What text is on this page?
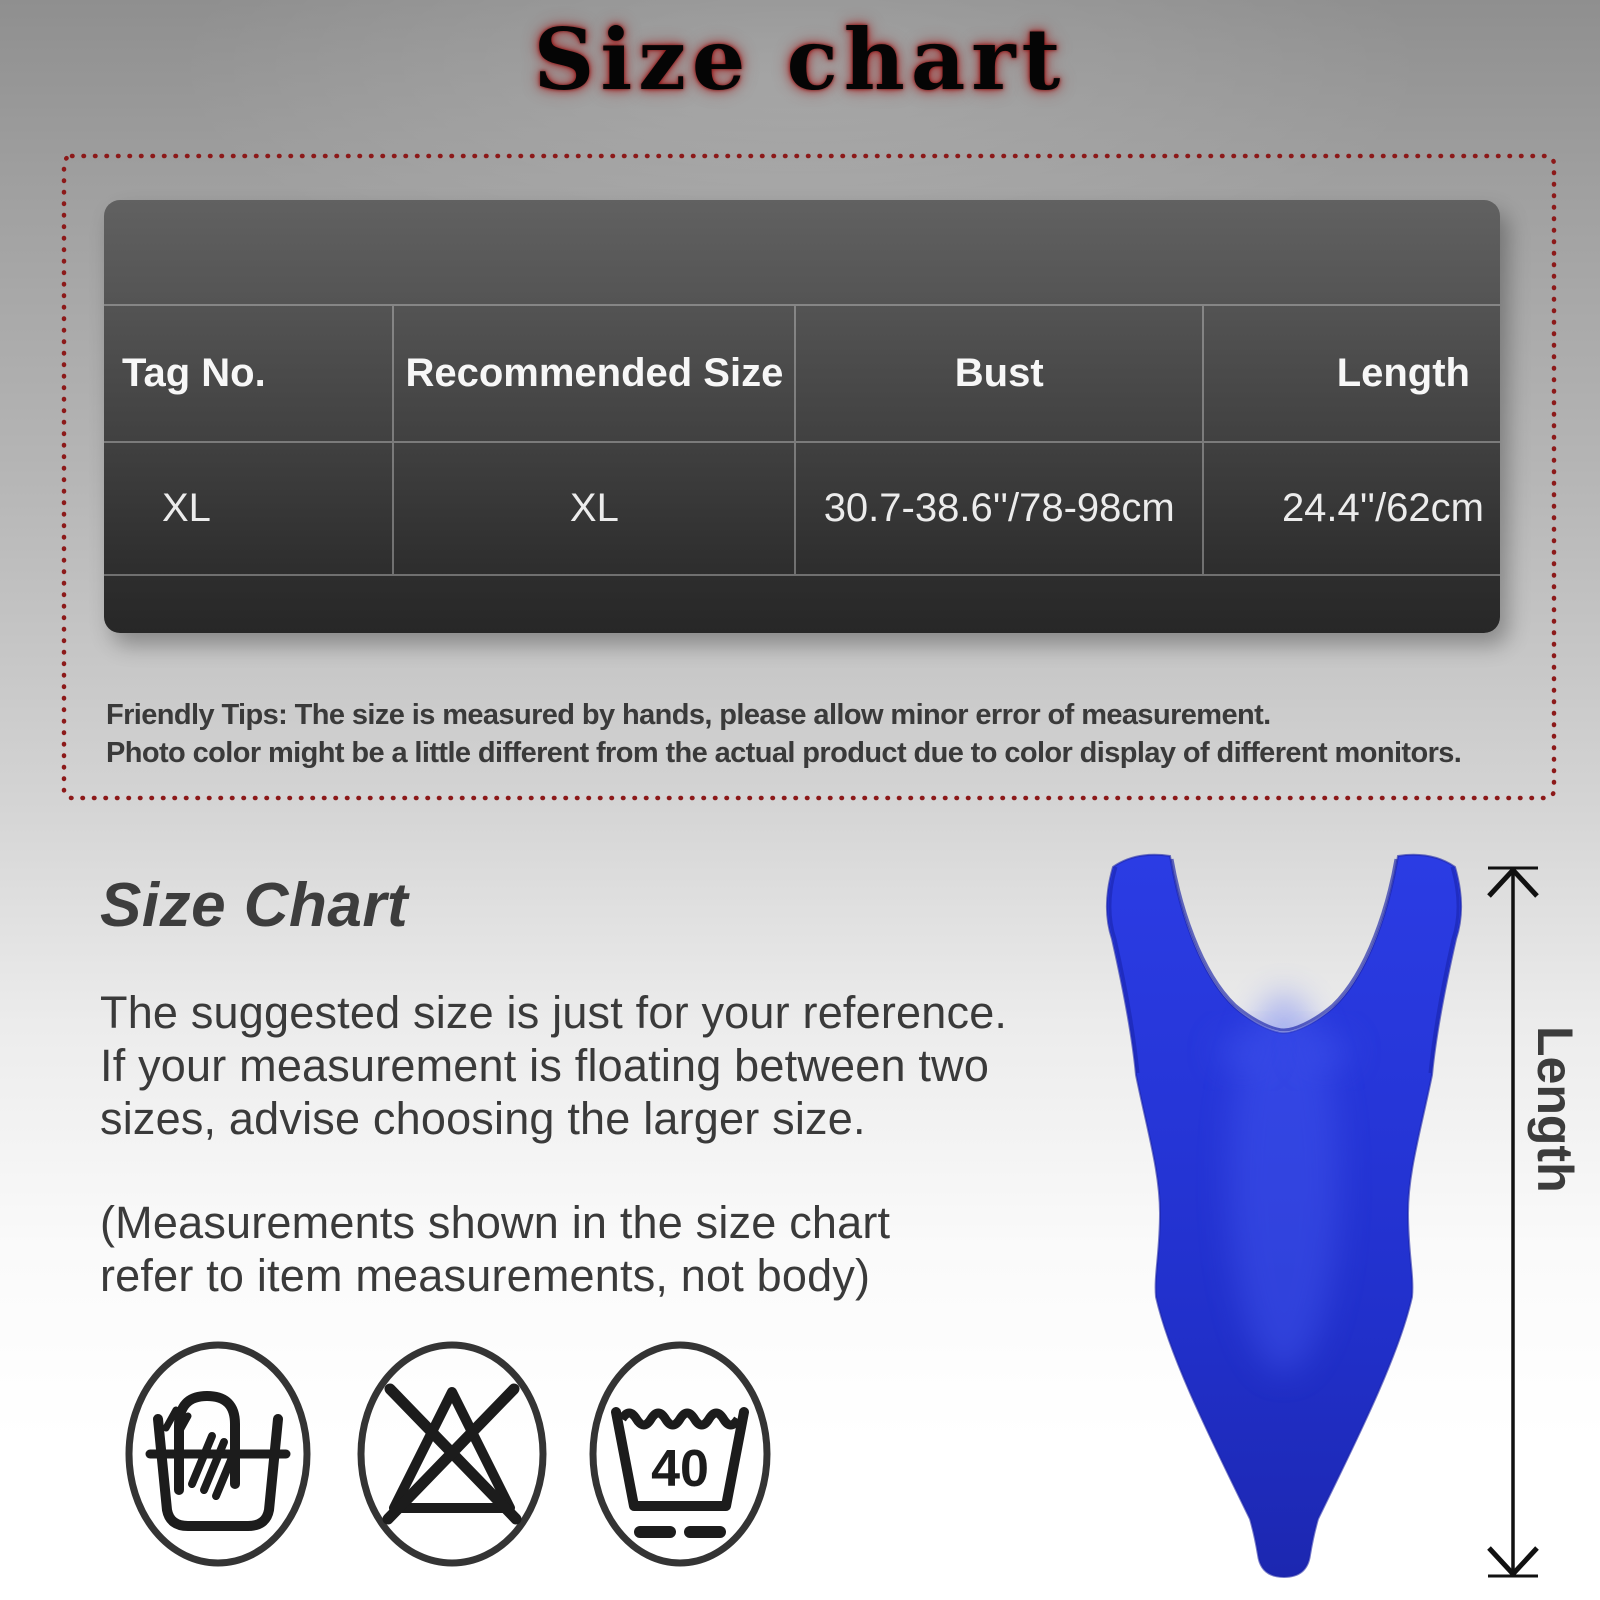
Size chart
Tag No.	Recommended Size	Bust	Length
XL	XL	30.7-38.6''/78-98cm	24.4''/62cm
Friendly Tips: The size is measured by hands, please allow minor error of measurement.
Photo color might be a little different from the actual product due to color display of different monitors.
Size Chart
The suggested size is just for your reference.
If your measurement is floating between two
sizes, advise choosing the larger size.
(Measurements shown in the size chart
refer to item measurements, not body)
40
Length
